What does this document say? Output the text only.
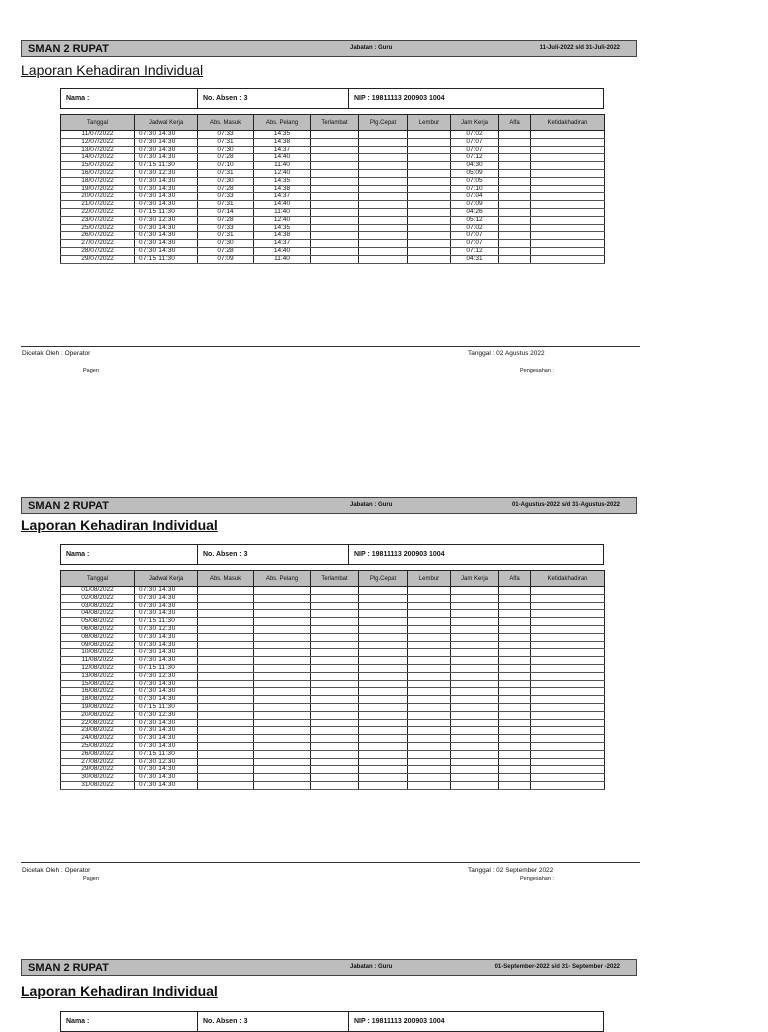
SMAN 2 RUPAT	Jabatan : Guru	11-Juli-2022 s/d 31-Juli-2022
Laporan Kehadiran Individual
Nama :	No. Absen : 3	NIP : 19811113 200903 1004
Tanggal	Jadwal Kerja	Abs. Masuk	Abs. Pelang	Terlambat	Plg.Cepat	Lembur	Jam Kerja	Alfa	Ketidakhadiran
11/07/2022	07:30 14:30	07:33	14:35				07:02		
12/07/2022	07:30 14:30	07:31	14:38				07:07		
13/07/2022	07:30 14:30	07:30	14:37				07:07		
14/07/2022	07:30 14:30	07:28	14:40				07:12		
15/07/2022	07:15 11:30	07:10	11:40				04:30		
16/07/2022	07:30 12:30	07:31	12:40				05:09		
18/07/2022	07:30 14:30	07:30	14:35				07:05		
19/07/2022	07:30 14:30	07:28	14:38				07:10		
20/07/2022	07:30 14:30	07:33	14:37				07:04		
21/07/2022	07:30 14:30	07:31	14:40				07:09		
22/07/2022	07:15 11:30	07:14	11:40				04:26		
23/07/2022	07:30 12:30	07:28	12:40				05:12		
25/07/2022	07:30 14:30	07:33	14:35				07:02		
26/07/2022	07:30 14:30	07:31	14:38				07:07		
27/07/2022	07:30 14:30	07:30	14:37				07:07		
28/07/2022	07:30 14:30	07:28	14:40				07:12		
29/07/2022	07:15 11:30	07:09	11:40				04:31		
Dicetak Oleh : Operator
Pagen
Tanggal : 02 Agustus 2022
Pengesahan :
SMAN 2 RUPAT	Jabatan : Guru	01-Agustus-2022 s/d 31-Agustus-2022
Laporan Kehadiran Individual
Nama :	No. Absen : 3	NIP : 19811113 200903 1004
Tanggal	Jadwal Kerja	Abs. Masuk	Abs. Pelang	Terlambat	Plg.Cepat	Lembur	Jam Kerja	Alfa	Ketidakhadiran
01/08/2022	07:30 14:30								
02/08/2022	07:30 14:30								
03/08/2022	07:30 14:30								
04/08/2022	07:30 14:30								
05/08/2022	07:15 11:30								
06/08/2022	07:30 12:30								
08/08/2022	07:30 14:30								
09/08/2022	07:30 14:30								
10/08/2022	07:30 14:30								
11/08/2022	07:30 14:30								
12/08/2022	07:15 11:30								
13/08/2022	07:30 12:30								
15/08/2022	07:30 14:30								
16/08/2022	07:30 14:30								
18/08/2022	07:30 14:30								
19/08/2022	07:15 11:30								
20/08/2022	07:30 12:30								
22/08/2022	07:30 14:30								
23/08/2022	07:30 14:30								
24/08/2022	07:30 14:30								
25/08/2022	07:30 14:30								
26/08/2022	07:15 11:30								
27/08/2022	07:30 12:30								
29/08/2022	07:30 14:30								
30/08/2022	07:30 14:30								
31/08/2022	07:30 14:30								
Dicetak Oleh : Operator
Pagen
Tanggal : 02 September 2022
Pengesahan :
SMAN 2 RUPAT	Jabatan : Guru	01-September-2022 s/d 31- September -2022
Laporan Kehadiran Individual
Nama :	No. Absen : 3	NIP : 19811113 200903 1004
